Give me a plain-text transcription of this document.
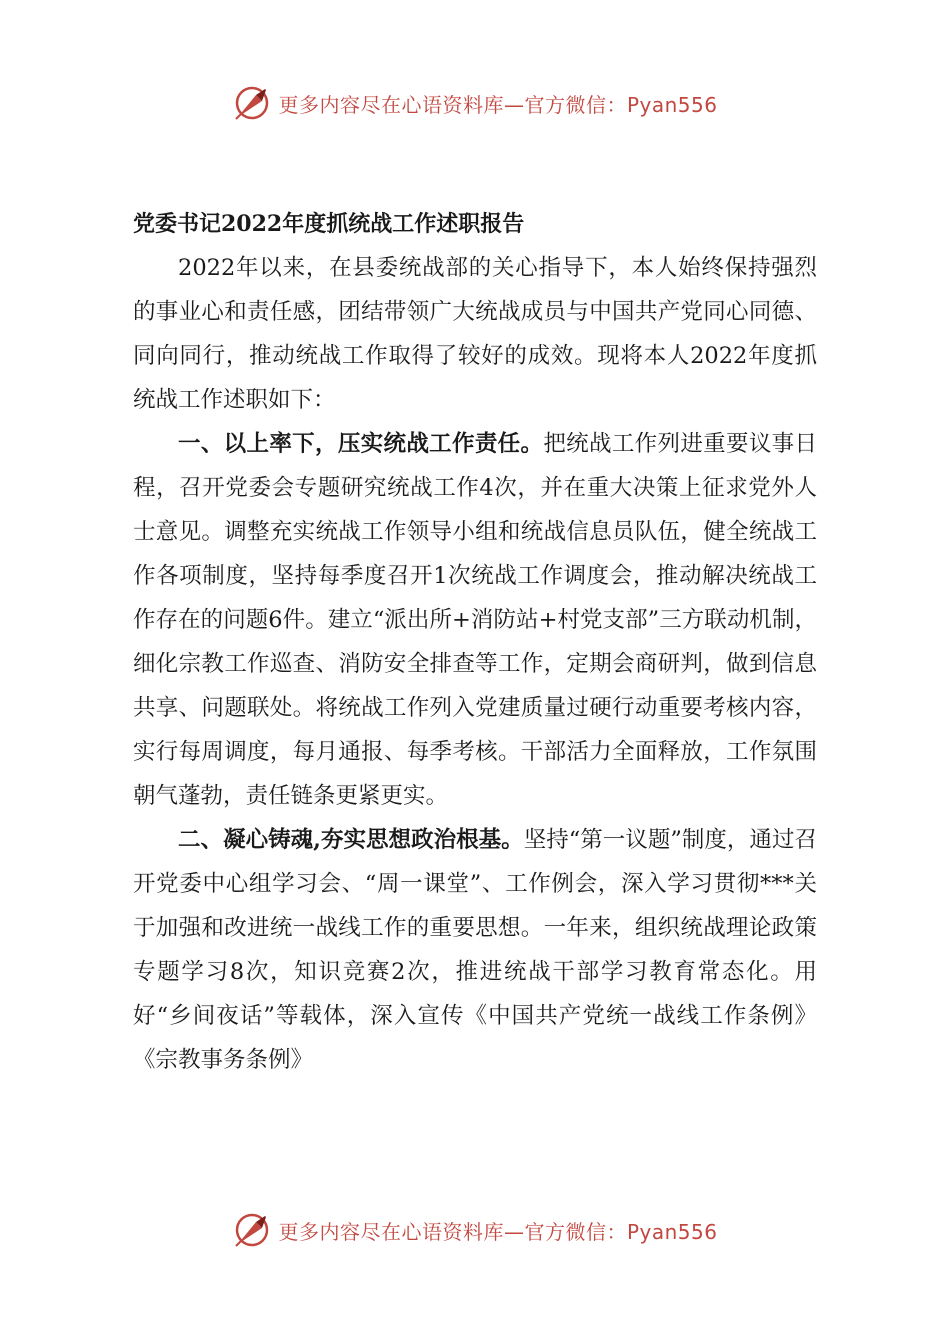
更多内容尽在心语资料库—官方微信：Pyan556
党委书记2022年度抓统战工作述职报告

2022年以来，在县委统战部的关心指导下，本人始终保持强烈的事业心和责任感，团结带领广大统战成员与中国共产党同心同德、同向同行，推动统战工作取得了较好的成效。现将本人2022年度抓统战工作述职如下：

一、以上率下，压实统战工作责任。把统战工作列进重要议事日程，召开党委会专题研究统战工作4次，并在重大决策上征求党外人士意见。调整充实统战工作领导小组和统战信息员队伍，健全统战工作各项制度，坚持每季度召开1次统战工作调度会，推动解决统战工作存在的问题6件。建立“派出所+消防站+村党支部”三方联动机制，细化宗教工作巡查、消防安全排查等工作，定期会商研判，做到信息共享、问题联处。将统战工作列入党建质量过硬行动重要考核内容，实行每周调度，每月通报、每季考核。干部活力全面释放，工作氛围朝气蓬勃，责任链条更紧更实。

二、凝心铸魂,夯实思想政治根基。坚持“第一议题”制度，通过召开党委中心组学习会、“周一课堂”、工作例会，深入学习贯彻***关于加强和改进统一战线工作的重要思想。一年来，组织统战理论政策专题学习8次，知识竞赛2次，推进统战干部学习教育常态化。用好“乡间夜话”等载体，深入宣传《中国共产党统一战线工作条例》《宗教事务条例》

更多内容尽在心语资料库—官方微信：Pyan556
